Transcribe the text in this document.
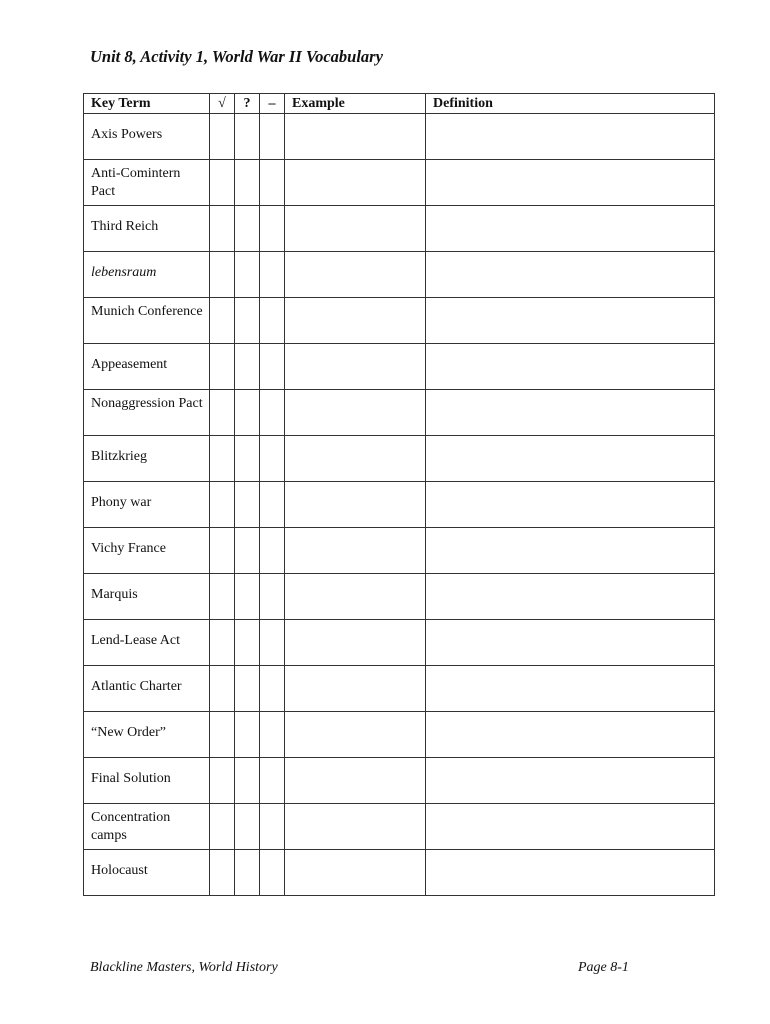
Unit 8, Activity 1, World War II Vocabulary
Key Term	√	?	–	Example	Definition
Axis Powers					
Anti-Comintern Pact					
Third Reich					
lebensraum					
Munich Conference					
Appeasement					
Nonaggression Pact					
Blitzkrieg					
Phony war					
Vichy France					
Marquis					
Lend-Lease Act					
Atlantic Charter					
“New Order”					
Final Solution					
Concentration camps					
Holocaust					
Blackline Masters, World History	Page 8-1
